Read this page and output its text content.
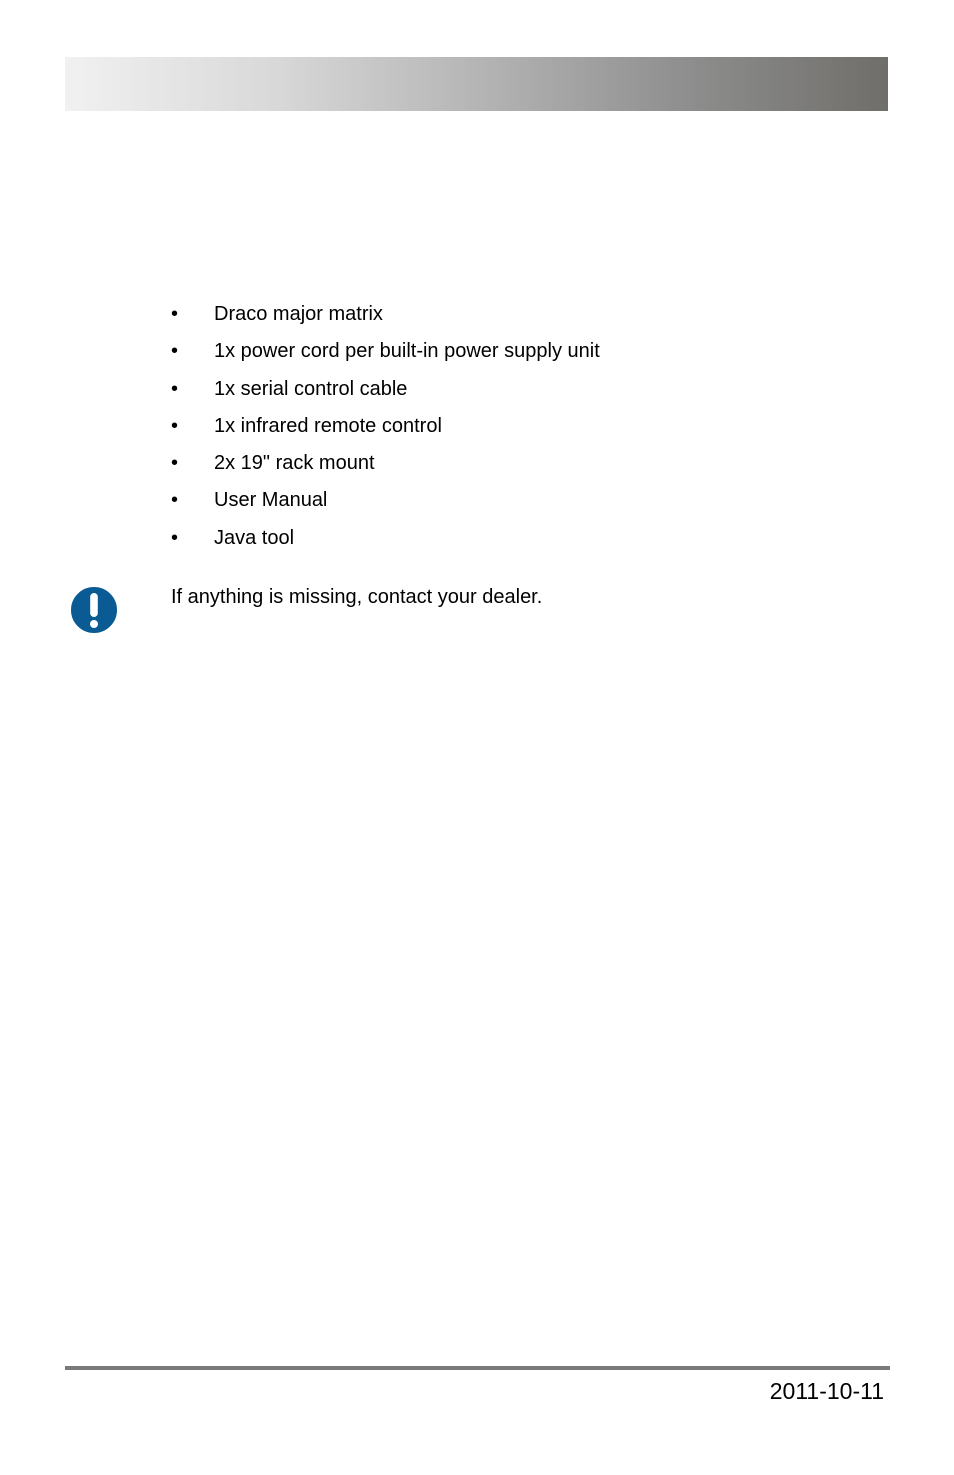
•	Draco major matrix
•	1x power cord per built-in power supply unit
•	1x serial control cable
•	1x infrared remote control
•	2x 19" rack mount
•	User Manual
•	Java tool
If anything is missing, contact your dealer.
2011-10-11
